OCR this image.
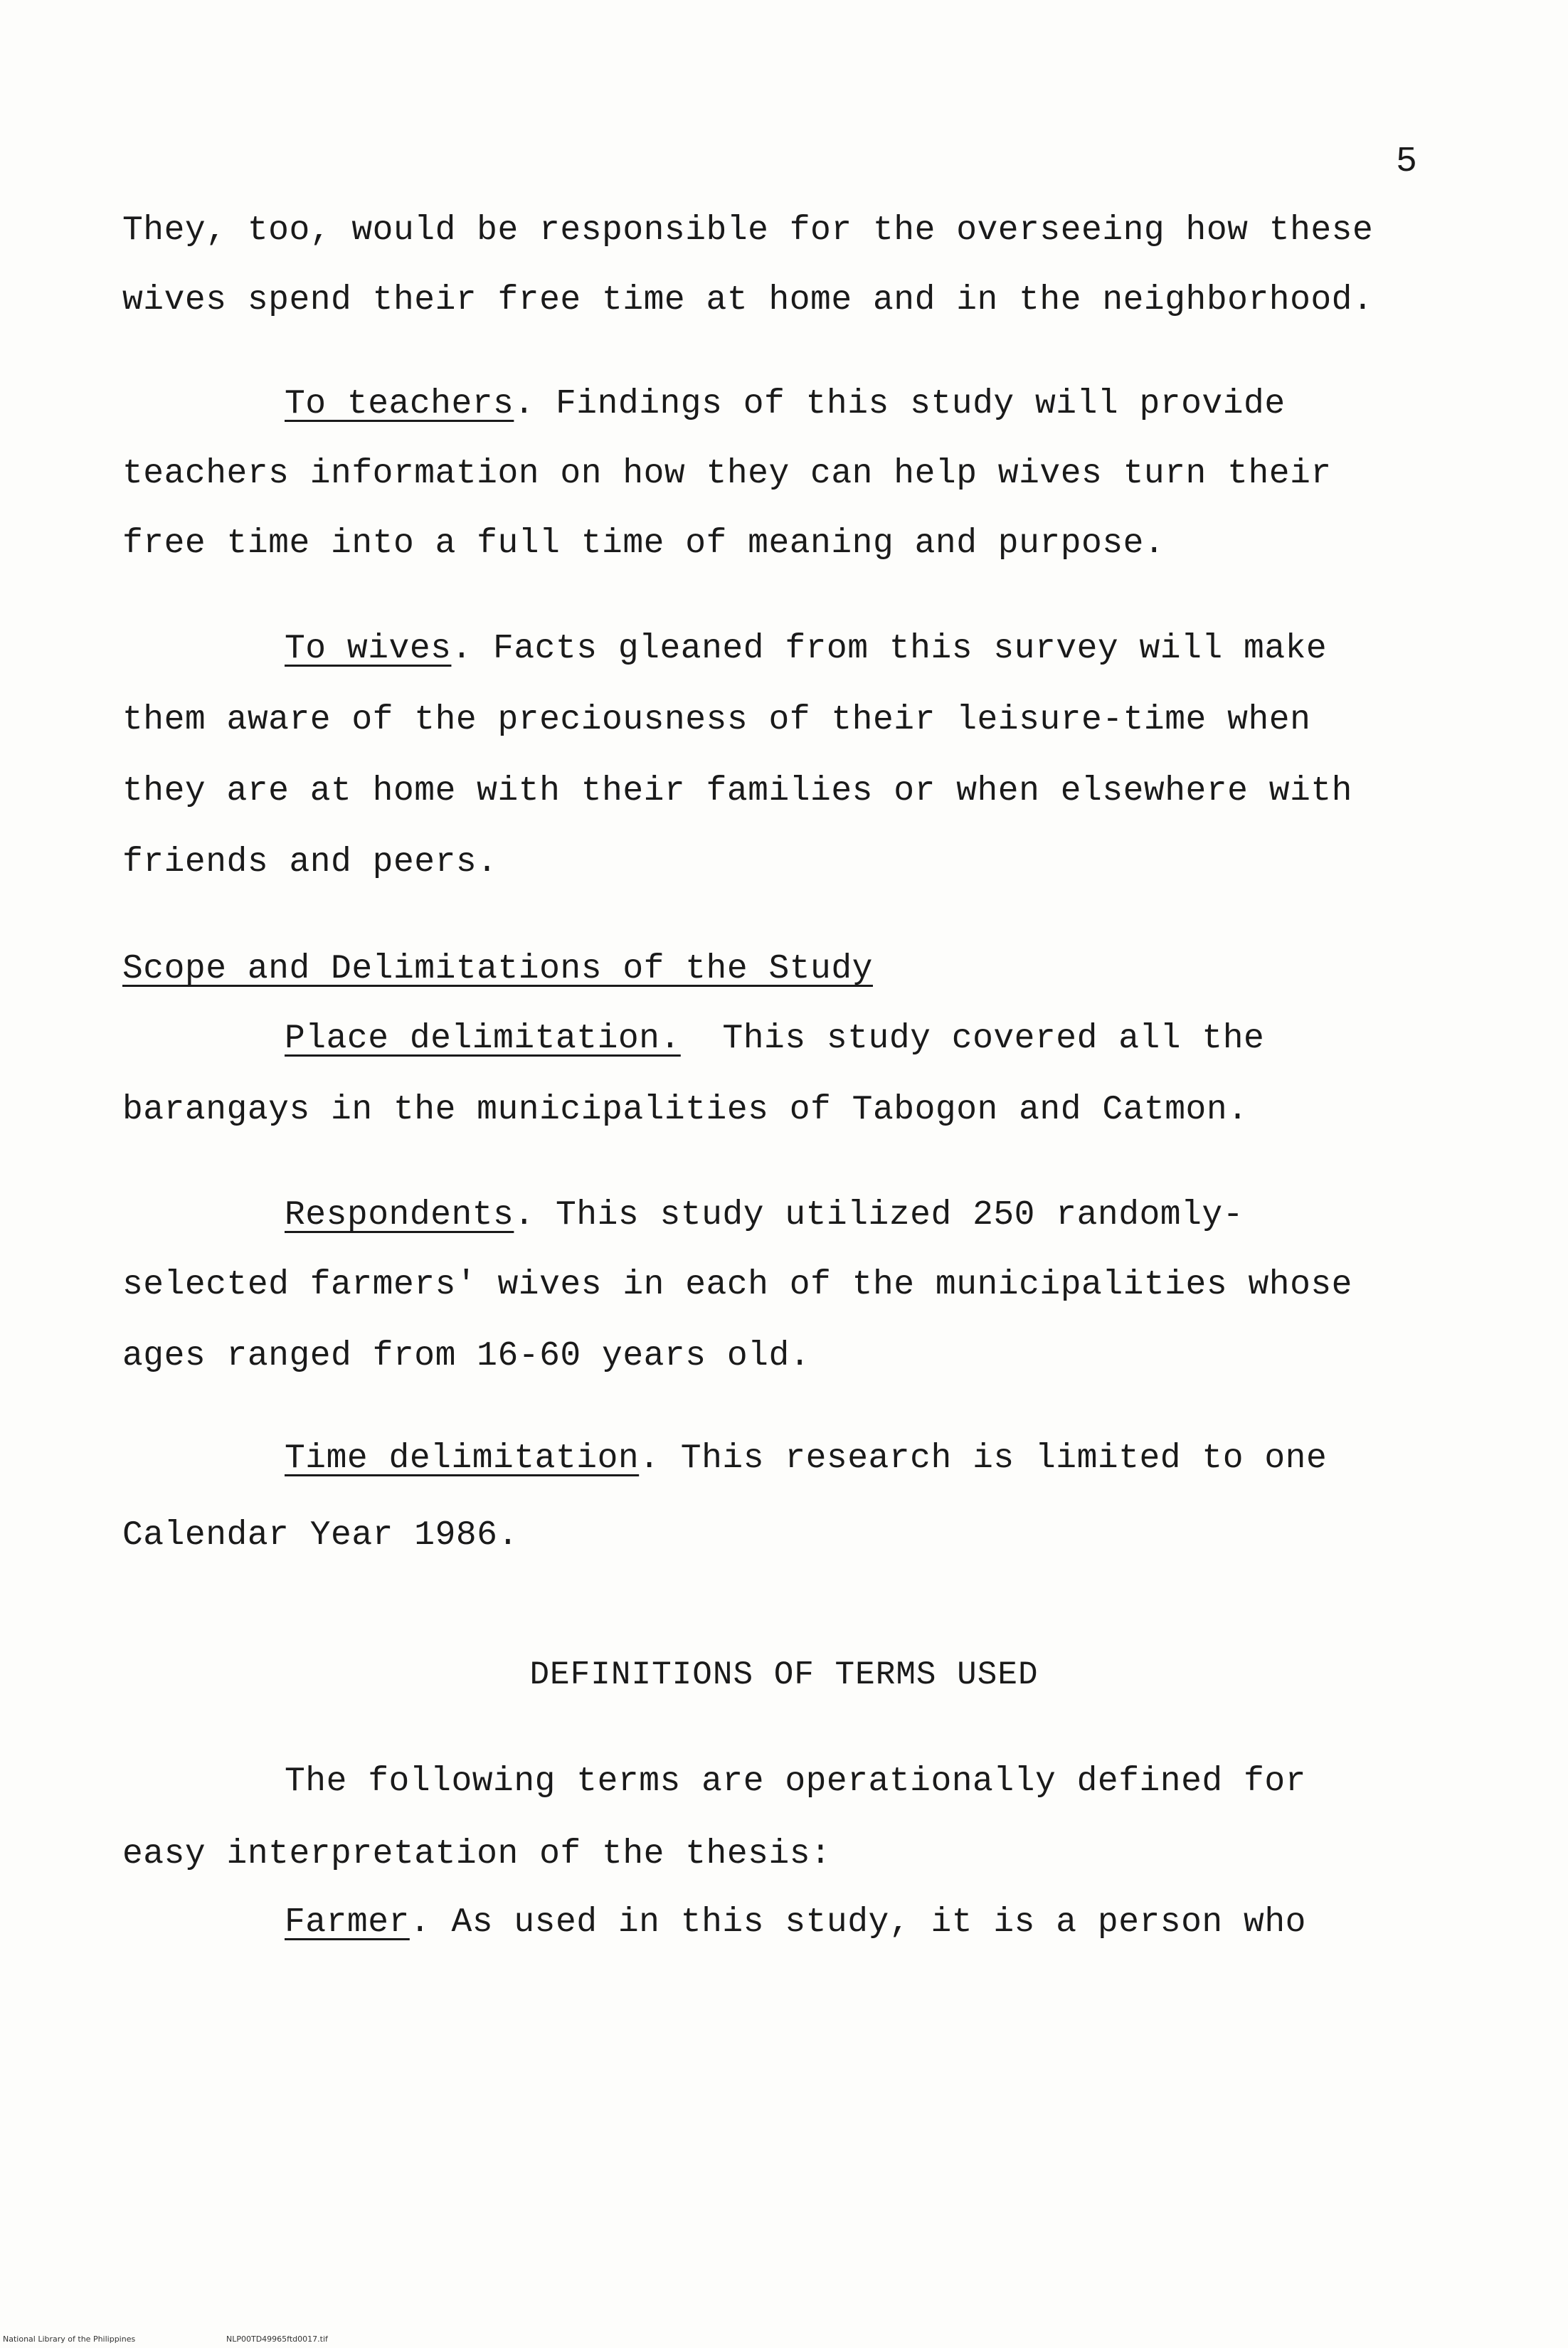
5
They, too, would be responsible for the overseeing how these
wives spend their free time at home and in the neighborhood.
To teachers. Findings of this study will provide
teachers information on how they can help wives turn their
free time into a full time of meaning and purpose.
To wives. Facts gleaned from this survey will make
them aware of the preciousness of their leisure-time when
they are at home with their families or when elsewhere with
friends and peers.
Scope and Delimitations of the Study
Place delimitation.  This study covered all the
barangays in the municipalities of Tabogon and Catmon.
Respondents. This study utilized 250 randomly-
selected farmers' wives in each of the municipalities whose
ages ranged from 16-60 years old.
Time delimitation. This research is limited to one
Calendar Year 1986.
DEFINITIONS OF TERMS USED
The following terms are operationally defined for
easy interpretation of the thesis:
Farmer. As used in this study, it is a person who
National Library of the Philippines	NLP00TD49965ftd0017.tif
